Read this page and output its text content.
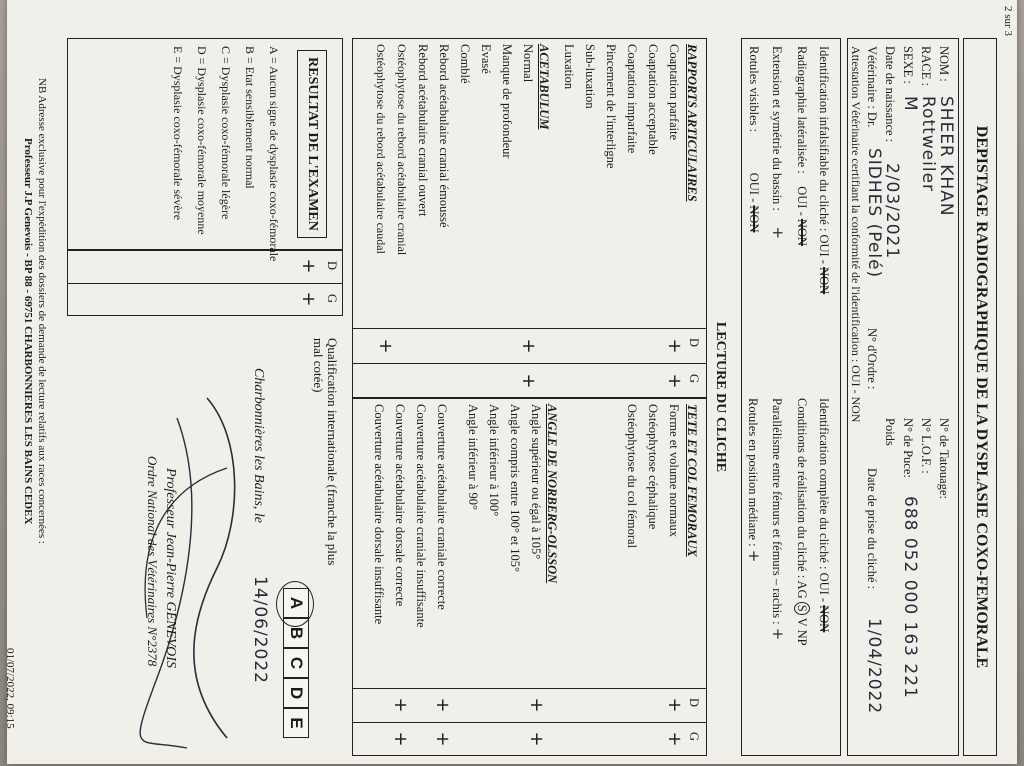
2 sur 3
01/07/2022, 09:15
DEPISTAGE RADIOGRAPHIQUE DE LA DYSPLASIE COXO-FEMORALE
NOM :
SHEER KHAN
RACE :
Rottweiler
SEXE :
M
Date de naissance :
2/03/2021
Vétérinaire : Dr.
SIDHES (Pelé)
N° d'Ordre :
Attestation Vétérinaire certifiant la conformité de l'identification : OUI - NON
N° de Tatouage:
N° L.O.F. :
N° de Puce:
688 052 000 163 221
Poids
Date de prise du cliché :
1/04/2022
Identification infalsifiable du cliché : OUI - NON
Identification complète du cliché : OUI - NON
Radiographie latéralisée :    OUI - NON
Conditions de réalisation du cliché : AG S V NP
Extension et symétrie du bassin :     +
Parallélisme entre fémurs et fémurs – rachis : +
Rotules visibles :             OUI - NON
Rotules en position médiane : +
LECTURE DU CLICHE
D
G
D
G
RAPPORTS ARTICULAIRES
Coaptation parfaite
Coaptation acceptable
Coaptation imparfaite
Pincement de l'interligne
Sub-luxation
Luxation
ACETABULUM
Normal
Manque de profondeur
Evasé
Comblé
Rebord acétabulaire cranial émoussé
Rebord acétabulaire cranial ouvert
Ostéophytose du rebord acétabulaire cranial
Ostéophytose du rebord acétabulaire caudal
+
+
+
+
+
TETE ET COL FEMORAUX
Forme et volume normaux
Ostéophytose céphalique
Ostéophytose du col fémoral
ANGLE DE NORBERG-OLSSON
Angle supérieur ou égal à 105°
Angle compris entre 100° et 105°
Angle inférieur à 100°
Angle inférieur à 90°
Couverture acétabulaire craniale correcte
Couverture acétabulaire craniale insuffisante
Couverture acétabulaire dorsale correcte
Couverture acétabulaire dorsale insuffisante
+
+
+
+
+
+
+
+
RESULTAT DE L'EXAMEN
D
G
+
+
A = Aucun signe de dysplasie coxo-fémorale
B = Etat sensiblement normal
C = Dysplasie coxo-fémorale légère
D = Dysplasie coxo-fémorale moyenne
E = Dysplasie coxo-fémorale sévère
Qualification internationale (franche la plus mal cotée)
A
B
C
D
E
Charbonnières les Bains, le
14/06/2022
Professeur Jean-Pierre GENEVOIS
Ordre National des Vétérinaires N°2378
NB Adresse exclusive pour l'expédition des dossiers de demande de lecture relatifs aux races concernées :
Professeur J.P Genevois - BP 88 - 69751 CHARBONNIERES LES BAINS CEDEX
